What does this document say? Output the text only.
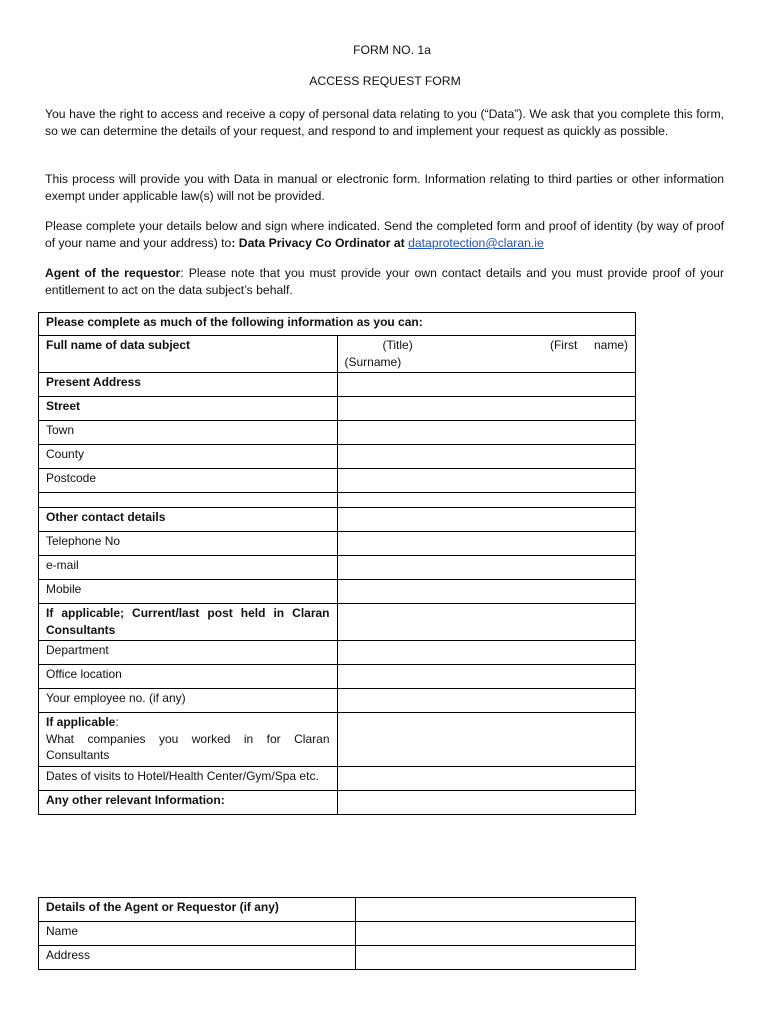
FORM NO. 1a
ACCESS REQUEST FORM
You have the right to access and receive a copy of personal data relating to you (“Data”). We ask that you complete this form, so we can determine the details of your request, and respond to and implement your request as quickly as possible.
This process will provide you with Data in manual or electronic form. Information relating to third parties or other information exempt under applicable law(s) will not be provided.
Please complete your details below and sign where indicated. Send the completed form and proof of identity (by way of proof of your name and your address) to: Data Privacy Co Ordinator at dataprotection@claran.ie
Agent of the requestor: Please note that you must provide your own contact details and you must provide proof of your entitlement to act on the data subject’s behalf.
Please complete as much of the following information as you can:	
Full name of data subject	(Title) (First     name)
(Surname)

Present Address	
Street	
Town	
County	
Postcode	

Other contact details	
Telephone No	
e-mail	
Mobile	

If applicable; Current/last post held in Claran Consultants	

Department	
Office location	
Your employee no. (if any)	

If applicable:
What companies you worked in for Claran Consultants	

Dates of visits to Hotel/Health Center/Gym/Spa etc.	
Any other relevant Information:	
Details of the Agent or Requestor (if any)	
Name	
Address	
